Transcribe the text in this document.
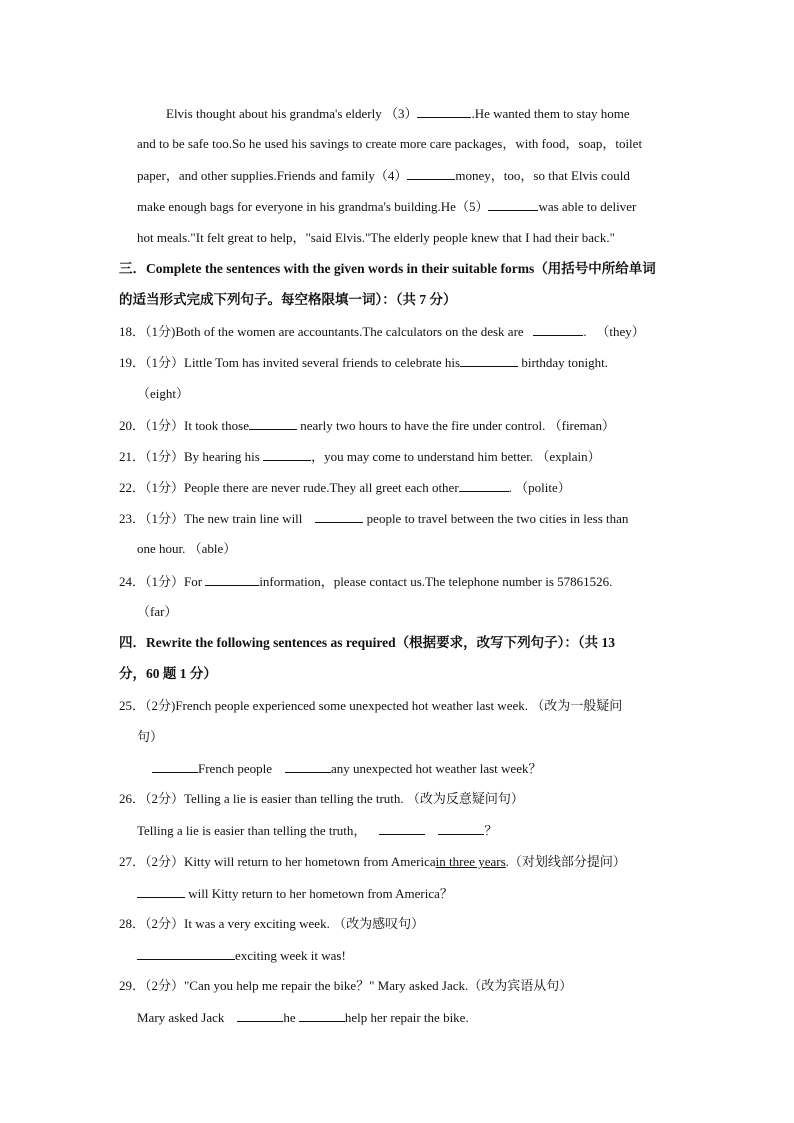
Elvis thought about his grandma's elderly （3）	.He wanted them to stay home
and to be safe too.So he used his savings to create more care packages，with food，soap，toilet
paper，and other supplies.Friends and family（4）	money，too，so that Elvis could
make enough bags for everyone in his grandma's building.He（5）	was able to deliver
hot meals."It felt great to help，"said Elvis."The elderly people knew that I had their back."
三．Complete the sentences with the given words in their suitable forms（用括号中所给单词
的适当形式完成下列句子。每空格限填一词）：（共 7 分）
18．（1分)Both of the women are accountants.The calculators on the desk are	. （they）
19．（1分）Little Tom has invited several friends to celebrate his	birthday tonight.
（eight）
20．（1分）It took those	nearly two hours to have the fire under control. （fireman）
21．（1分）By hearing his	，you may come to understand him better. （explain）
22．（1分）People there are never rude.They all greet each other	. （polite）
23．（1分）The new train line will	people to travel between the two cities in less than
one hour. （able）
24．（1分）For	information，please contact us.The telephone number is 57861526.
（far）
四．Rewrite the following sentences as required（根据要求，改写下列句子）：（共 13
分，60 题 1 分）
25．（2分)French people experienced some unexpected hot weather last week. （改为一般疑问
句）
French people	any unexpected hot weather last week？
26．（2分）Telling a lie is easier than telling the truth. （改为反意疑问句）
Telling a lie is easier than telling the truth，	？
27．（2分）Kitty will return to her hometown from Americain three years.（对划线部分提问）
will Kitty return to her hometown from America？
28．（2分）It was a very exciting week. （改为感叹句）
exciting week it was!
29．（2分）"Can you help me repair the bike？" Mary asked Jack.（改为宾语从句）
Mary asked Jack	he	help her repair the bike.
